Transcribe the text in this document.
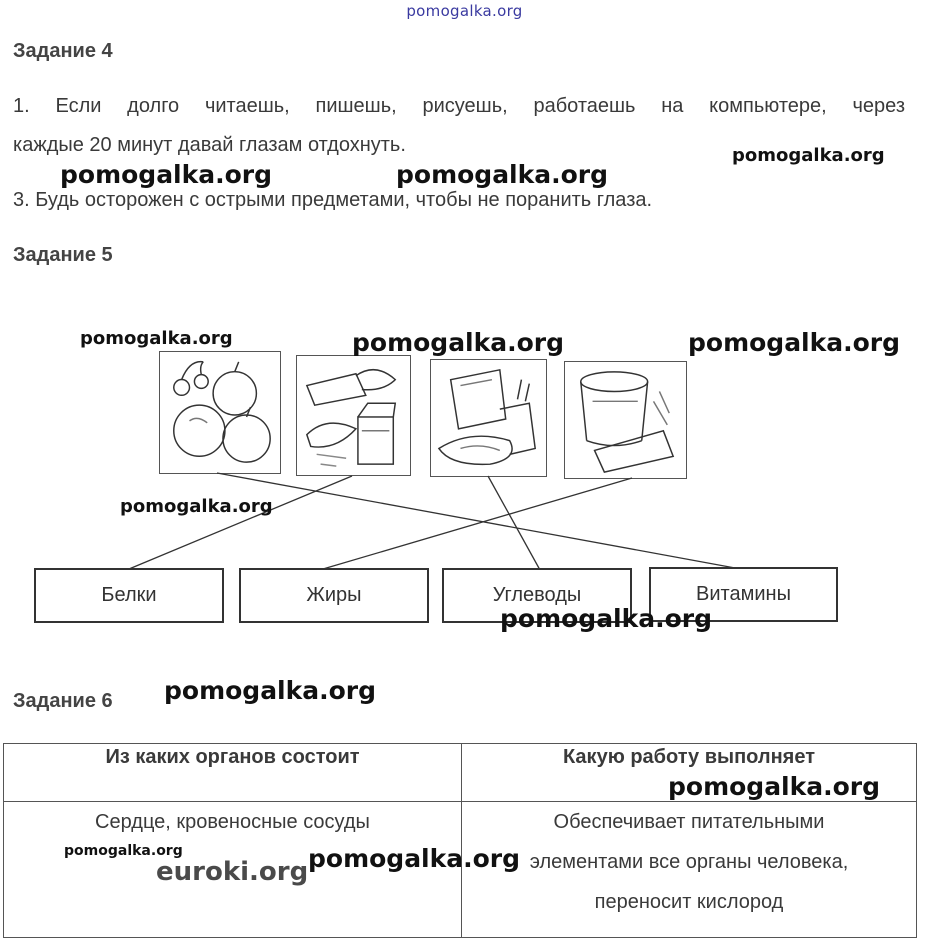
pomogalka.org
Задание 4
1. Если долго читаешь, пишешь, рисуешь, работаешь на компьютере, через
каждые 20 минут давай глазам отдохнуть.
3. Будь осторожен с острыми предметами, чтобы не поранить глаза.
Задание 5
Белки	Жиры	Углеводы	Витамины
Задание 6
Из каких органов состоит	Какую работу выполняет
Сердце, кровеносные сосуды	Обеспечивает питательными элементами все органы человека, переносит кислород
pomogalka.org
pomogalka.org	pomogalka.org
pomogalka.org	pomogalka.org	pomogalka.org
pomogalka.org
pomogalka.org
pomogalka.org
pomogalka.org
pomogalka.org	pomogalka.org
euroki.org
